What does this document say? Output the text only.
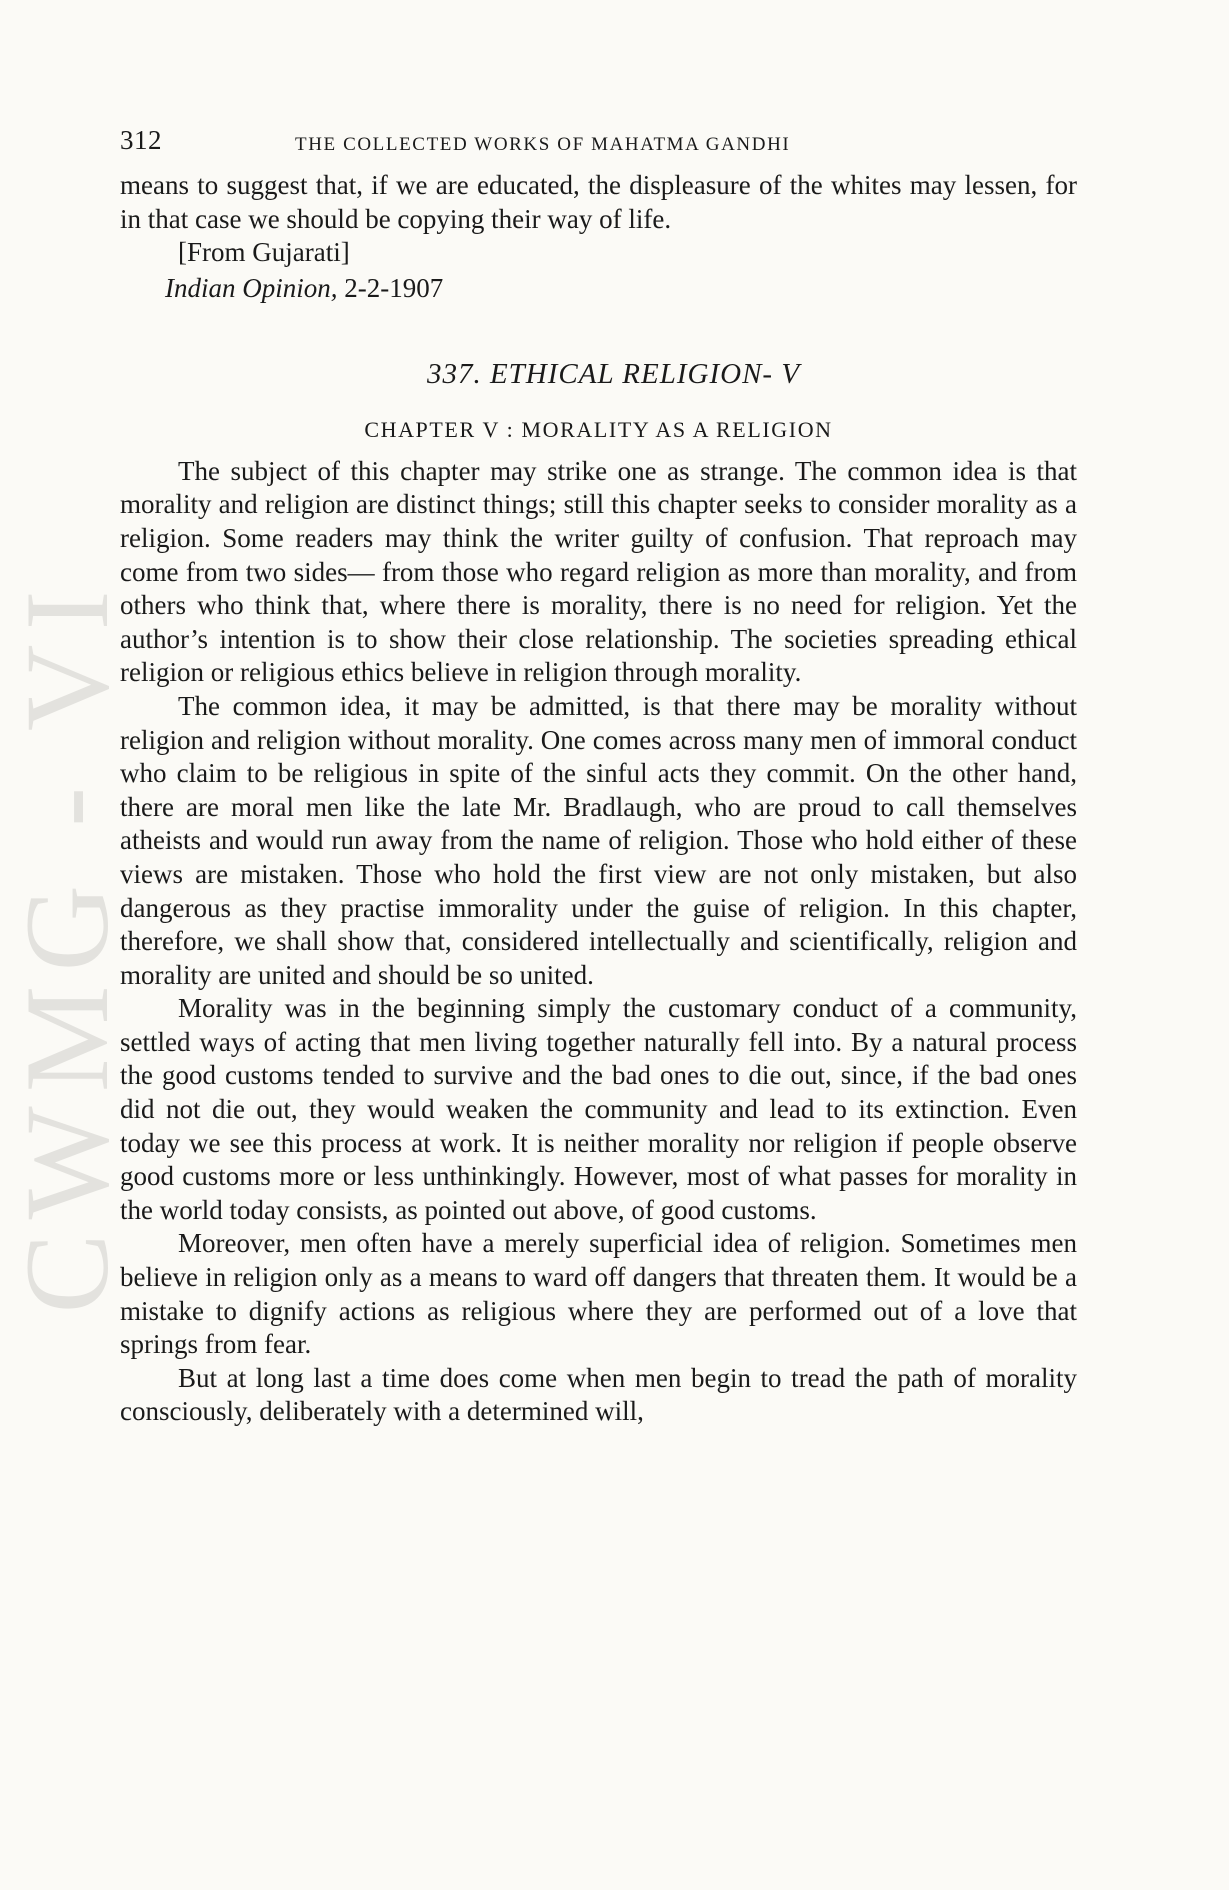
CWMG - VI
312	THE COLLECTED WORKS OF MAHATMA GANDHI

means to suggest that, if we are educated, the displeasure of the whites may lessen, for in that case we should be copying their way of life.

[From Gujarati]
Indian Opinion, 2-2-1907
337. ETHICAL RELIGION- V
CHAPTER V : MORALITY AS A RELIGION

The subject of this chapter may strike one as strange. The common idea is that morality and religion are distinct things; still this chapter seeks to consider morality as a religion. Some readers may think the writer guilty of confusion. That reproach may come from two sides— from those who regard religion as more than morality, and from others who think that, where there is morality, there is no need for religion. Yet the author’s intention is to show their close relationship. The societies spreading ethical religion or religious ethics believe in religion through morality.

The common idea, it may be admitted, is that there may be morality without religion and religion without morality. One comes across many men of immoral conduct who claim to be religious in spite of the sinful acts they commit. On the other hand, there are moral men like the late Mr. Bradlaugh, who are proud to call themselves atheists and would run away from the name of religion. Those who hold either of these views are mistaken. Those who hold the first view are not only mistaken, but also dangerous as they practise immorality under the guise of religion. In this chapter, therefore, we shall show that, considered intellectually and scientifically, religion and morality are united and should be so united.

Morality was in the beginning simply the customary conduct of a community, settled ways of acting that men living together naturally fell into. By a natural process the good customs tended to survive and the bad ones to die out, since, if the bad ones did not die out, they would weaken the community and lead to its extinction. Even today we see this process at work. It is neither morality nor religion if people observe good customs more or less unthinkingly. However, most of what passes for morality in the world today consists, as pointed out above, of good customs.

Moreover, men often have a merely superficial idea of religion. Sometimes men believe in religion only as a means to ward off dangers that threaten them. It would be a mistake to dignify actions as religious where they are performed out of a love that springs from fear.

But at long last a time does come when men begin to tread the path of morality consciously, deliberately with a determined will,
